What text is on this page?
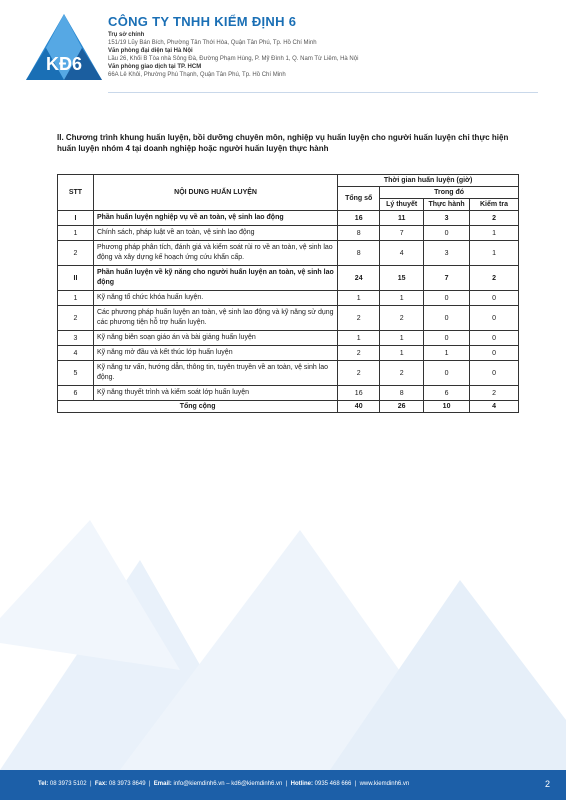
KĐ6
CÔNG TY TNHH KIỂM ĐỊNH 6
Trụ sở chính
151/19 Lũy Bán Bích, Phường Tân Thới Hòa, Quận Tân Phú, Tp. Hồ Chí Minh
Văn phòng đại diện tại Hà Nội
Lầu 26, Khối B Tòa nhà Sông Đà, Đường Phạm Hùng, P. Mỹ Đình 1, Q. Nam Từ Liêm, Hà Nội
Văn phòng giao dịch tại TP. HCM
66A Lê Khôi, Phường Phú Thạnh, Quận Tân Phú, Tp. Hồ Chí Minh
II. Chương trình khung huấn luyện, bồi dưỡng chuyên môn, nghiệp vụ huấn luyện cho người huấn luyện chỉ thực hiện huấn luyện nhóm 4 tại doanh nghiệp hoặc người huấn luyện thực hành
STT	NỘI DUNG HUẤN LUYỆN	Thời gian huấn luyện (giờ)			
		Tổng số	Trong đó		
			Lý thuyết	Thực hành	Kiểm tra
I	Phần huấn luyện nghiệp vụ về an toàn, vệ sinh lao động	16	11	3	2
1	Chính sách, pháp luật về an toàn, vệ sinh lao động	8	7	0	1
2	Phương pháp phân tích, đánh giá và kiểm soát rủi ro về an toàn, vệ sinh lao động và xây dựng kế hoạch ứng cứu khẩn cấp.	8	4	3	1
II	Phần huấn luyện về kỹ năng cho người huấn luyện an toàn, vệ sinh lao động	24	15	7	2
1	Kỹ năng tổ chức khóa huấn luyện.	1	1	0	0
2	Các phương pháp huấn luyện an toàn, vệ sinh lao động và kỹ năng sử dụng các phương tiện hỗ trợ huấn luyện.	2	2	0	0
3	Kỹ năng biên soạn giáo án và bài giảng huấn luyện	1	1	0	0
4	Kỹ năng mở đầu và kết thúc lớp huấn luyện	2	1	1	0
5	Kỹ năng tư vấn, hướng dẫn, thông tin, tuyên truyền về an toàn, vệ sinh lao động.	2	2	0	0
6	Kỹ năng thuyết trình và kiểm soát lớp huấn luyện	16	8	6	2
Tổng cộng		40	26	10	4
Tel: 08 3973 5102  |  Fax: 08 3973 8649  |  Email: info@kiemdinh6.vn – kd6@kiemdinh6.vn  |  Hotline: 0935 468 666  |  www.kiemdinh6.vn	2
